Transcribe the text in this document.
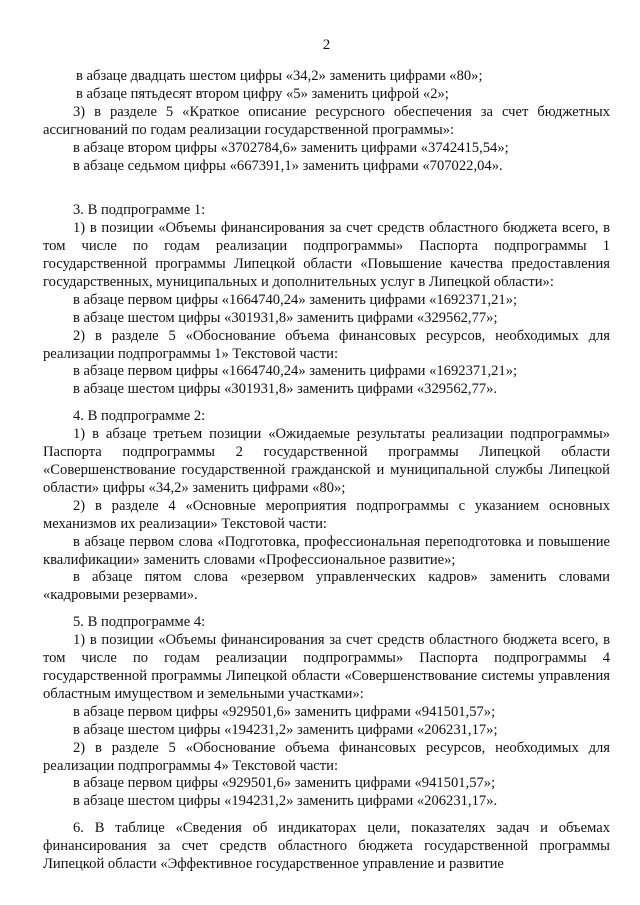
2

в абзаце двадцать шестом цифры «34,2» заменить цифрами «80»;

в абзаце пятьдесят втором цифру «5» заменить цифрой «2»;

3) в разделе 5 «Краткое описание ресурсного обеспечения за счет бюджетных ассигнований по годам реализации государственной программы»:

в абзаце втором цифры «3702784,6» заменить цифрами «3742415,54»;

в абзаце седьмом цифры «667391,1» заменить цифрами «707022,04».

3. В подпрограмме 1:

1) в позиции «Объемы финансирования за счет средств областного бюджета всего, в том числе по годам реализации подпрограммы» Паспорта подпрограммы 1 государственной программы Липецкой области «Повышение качества предоставления государственных, муниципальных и дополнительных услуг в Липецкой области»:

в абзаце первом цифры «1664740,24» заменить цифрами «1692371,21»;

в абзаце шестом цифры «301931,8» заменить цифрами «329562,77»;

2) в разделе 5 «Обоснование объема финансовых ресурсов, необходимых для реализации подпрограммы 1» Текстовой части:

в абзаце первом цифры «1664740,24» заменить цифрами «1692371,21»;

в абзаце шестом цифры «301931,8» заменить цифрами «329562,77».

4. В подпрограмме 2:

1) в абзаце третьем позиции «Ожидаемые результаты реализации подпрограммы» Паспорта подпрограммы 2 государственной программы Липецкой области «Совершенствование государственной гражданской и муниципальной службы Липецкой области» цифры «34,2» заменить цифрами «80»;

2) в разделе 4 «Основные мероприятия подпрограммы с указанием основных механизмов их реализации» Текстовой части:

в абзаце первом слова «Подготовка, профессиональная переподготовка и повышение квалификации» заменить словами «Профессиональное развитие»;

в абзаце пятом слова «резервом управленческих кадров» заменить словами «кадровыми резервами».

5. В подпрограмме 4:

1) в позиции «Объемы финансирования за счет средств областного бюджета всего, в том числе по годам реализации подпрограммы» Паспорта подпрограммы 4 государственной программы Липецкой области «Совершенствование системы управления областным имуществом и земельными участками»:

в абзаце первом цифры «929501,6» заменить цифрами «941501,57»;

в абзаце шестом цифры «194231,2» заменить цифрами «206231,17»;

2) в разделе 5 «Обоснование объема финансовых ресурсов, необходимых для реализации подпрограммы 4» Текстовой части:

в абзаце первом цифры «929501,6» заменить цифрами «941501,57»;

в абзаце шестом цифры «194231,2» заменить цифрами «206231,17».

6. В таблице «Сведения об индикаторах цели, показателях задач и объемах финансирования за счет средств областного бюджета государственной программы Липецкой области «Эффективное государственное управление и развитие
